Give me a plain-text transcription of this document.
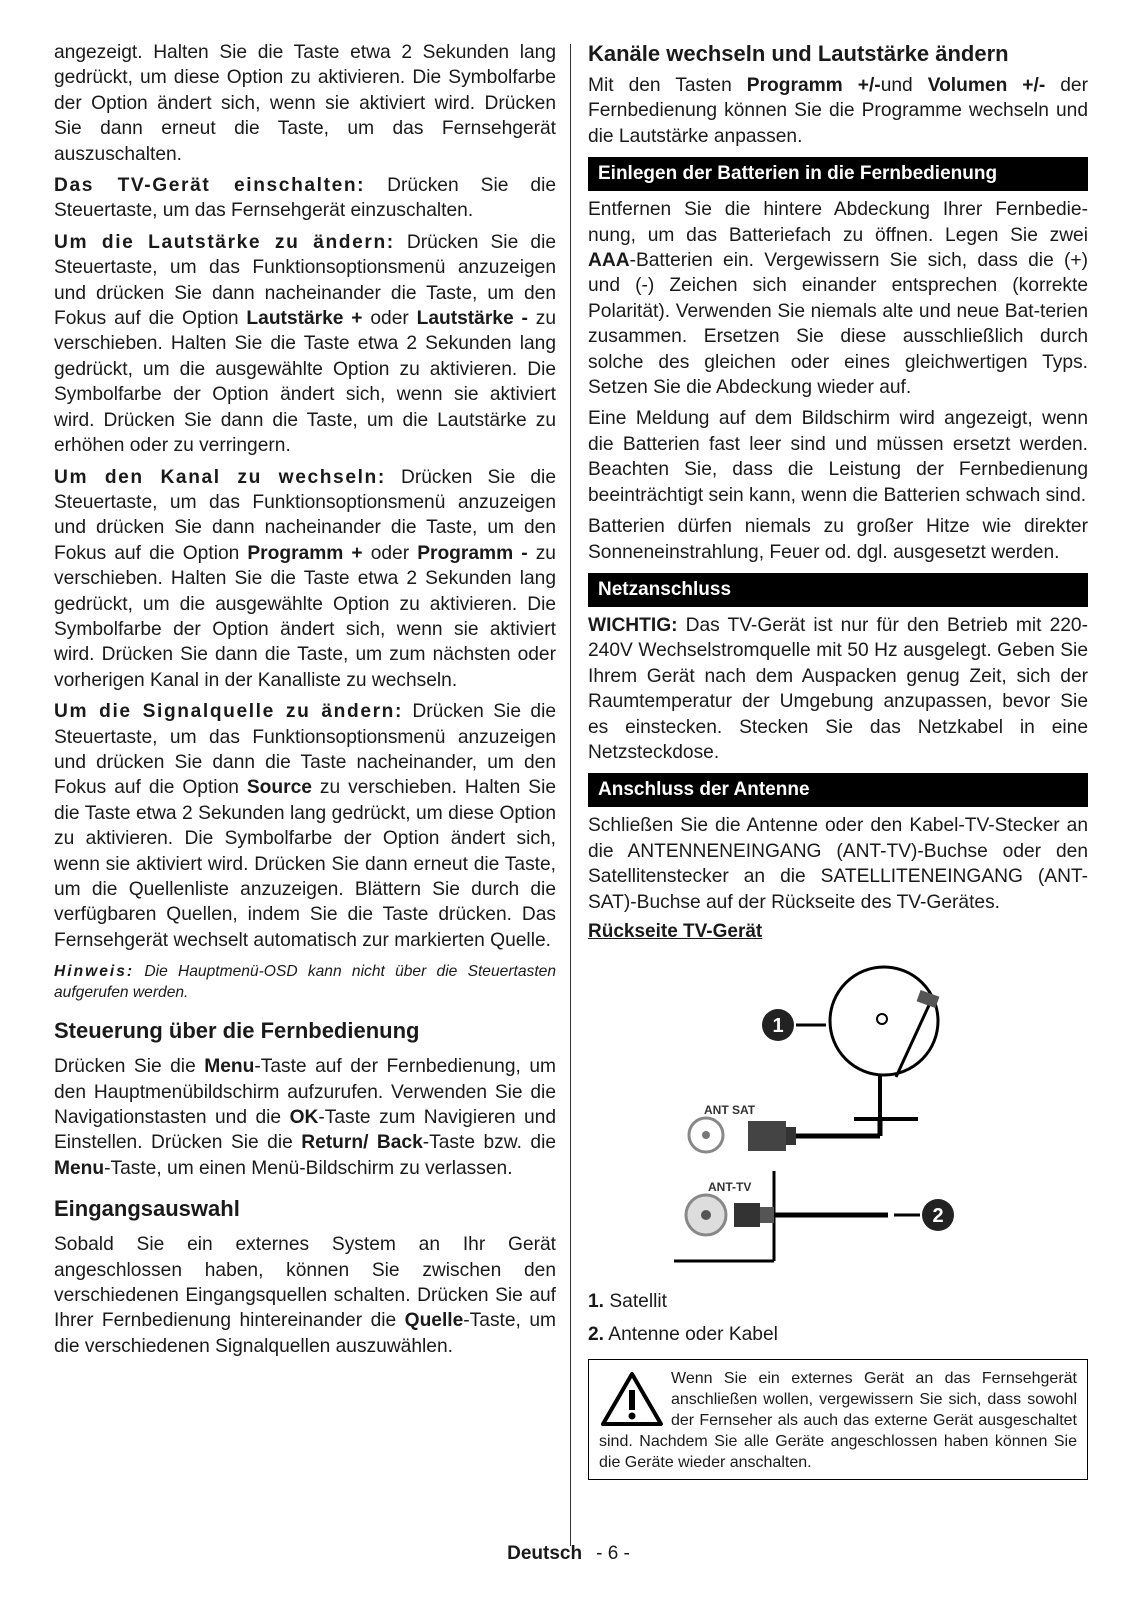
angezeigt. Halten Sie die Taste etwa 2 Sekunden lang gedrückt, um diese Option zu aktivieren. Die Symbolfarbe der Option ändert sich, wenn sie aktiviert wird. Drücken Sie dann erneut die Taste, um das Fernsehgerät auszuschalten.

Das TV-Gerät einschalten: Drücken Sie die Steuertaste, um das Fernsehgerät einzuschalten.

Um die Lautstärke zu ändern: Drücken Sie die Steuertaste, um das Funktionsoptionsmenü anzuzeigen und drücken Sie dann nacheinander die Taste, um den Fokus auf die Option Lautstärke + oder Lautstärke - zu verschieben. Halten Sie die Taste etwa 2 Sekunden lang gedrückt, um die ausgewählte Option zu aktivieren. Die Symbolfarbe der Option ändert sich, wenn sie aktiviert wird. Drücken Sie dann die Taste, um die Lautstärke zu erhöhen oder zu verringern.

Um den Kanal zu wechseln: Drücken Sie die Steuertaste, um das Funktionsoptionsmenü anzuzeigen und drücken Sie dann nacheinander die Taste, um den Fokus auf die Option Programm + oder Programm - zu verschieben. Halten Sie die Taste etwa 2 Sekunden lang gedrückt, um die ausgewählte Option zu aktivieren. Die Symbolfarbe der Option ändert sich, wenn sie aktiviert wird. Drücken Sie dann die Taste, um zum nächsten oder vorherigen Kanal in der Kanalliste zu wechseln.

Um die Signalquelle zu ändern: Drücken Sie die Steuertaste, um das Funktionsoptionsmenü anzuzeigen und drücken Sie dann die Taste nacheinander, um den Fokus auf die Option Source zu verschieben. Halten Sie die Taste etwa 2 Sekunden lang gedrückt, um diese Option zu aktivieren. Die Symbolfarbe der Option ändert sich, wenn sie aktiviert wird. Drücken Sie dann erneut die Taste, um die Quellenliste anzuzeigen. Blättern Sie durch die verfügbaren Quellen, indem Sie die Taste drücken. Das Fernsehgerät wechselt automatisch zur markierten Quelle.

Hinweis: Die Hauptmenü-OSD kann nicht über die Steuertasten aufgerufen werden.

Steuerung über die Fernbedienung

Drücken Sie die Menu-Taste auf der Fernbedienung, um den Hauptmenübildschirm aufzurufen. Verwenden Sie die Navigationstasten und die OK-Taste zum Navigieren und Einstellen. Drücken Sie die Return/ Back-Taste bzw. die Menu-Taste, um einen Menü-Bildschirm zu verlassen.

Eingangsauswahl

Sobald Sie ein externes System an Ihr Gerät angeschlossen haben, können Sie zwischen den verschiedenen Eingangsquellen schalten. Drücken Sie auf Ihrer Fernbedienung hintereinander die Quelle-Taste, um die verschiedenen Signalquellen auszuwählen.

Kanäle wechseln und Lautstärke ändern

Mit den Tasten Programm +/-und Volumen +/- der Fernbedienung können Sie die Programme wechseln und die Lautstärke anpassen.

Einlegen der Batterien in die Fernbedienung

Entfernen Sie die hintere Abdeckung Ihrer Fernbedie-nung, um das Batteriefach zu öffnen. Legen Sie zwei AAA-Batterien ein. Vergewissern Sie sich, dass die (+) und (-) Zeichen sich einander entsprechen (korrekte Polarität). Verwenden Sie niemals alte und neue Bat-terien zusammen. Ersetzen Sie diese ausschließlich durch solche des gleichen oder eines gleichwertigen Typs. Setzen Sie die Abdeckung wieder auf.

Eine Meldung auf dem Bildschirm wird angezeigt, wenn die Batterien fast leer sind und müssen ersetzt werden. Beachten Sie, dass die Leistung der Fernbedienung beeinträchtigt sein kann, wenn die Batterien schwach sind.

Batterien dürfen niemals zu großer Hitze wie direkter Sonneneinstrahlung, Feuer od. dgl. ausgesetzt werden.

Netzanschluss

WICHTIG: Das TV-Gerät ist nur für den Betrieb mit 220-240V Wechselstromquelle mit 50 Hz ausgelegt. Geben Sie Ihrem Gerät nach dem Auspacken genug Zeit, sich der Raumtemperatur der Umgebung anzupassen, bevor Sie es einstecken. Stecken Sie das Netzkabel in eine Netzsteckdose.

Anschluss der Antenne

Schließen Sie die Antenne oder den Kabel-TV-Stecker an die ANTENNENEINGANG (ANT-TV)-Buchse oder den Satellitenstecker an die SATELLITENEINGANG (ANT-SAT)-Buchse auf der Rückseite des TV-Gerätes.

Rückseite TV-Gerät
1
ANT SAT
ANT-TV
2
1. Satellit
2. Antenne oder Kabel
Wenn Sie ein externes Gerät an das Fernsehgerät anschließen wollen, vergewissern Sie sich, dass sowohl der Fernseher als auch das externe Gerät ausgeschaltet sind. Nachdem Sie alle Geräte angeschlossen haben können Sie die Geräte wieder anschalten.
Deutsch - 6 -
